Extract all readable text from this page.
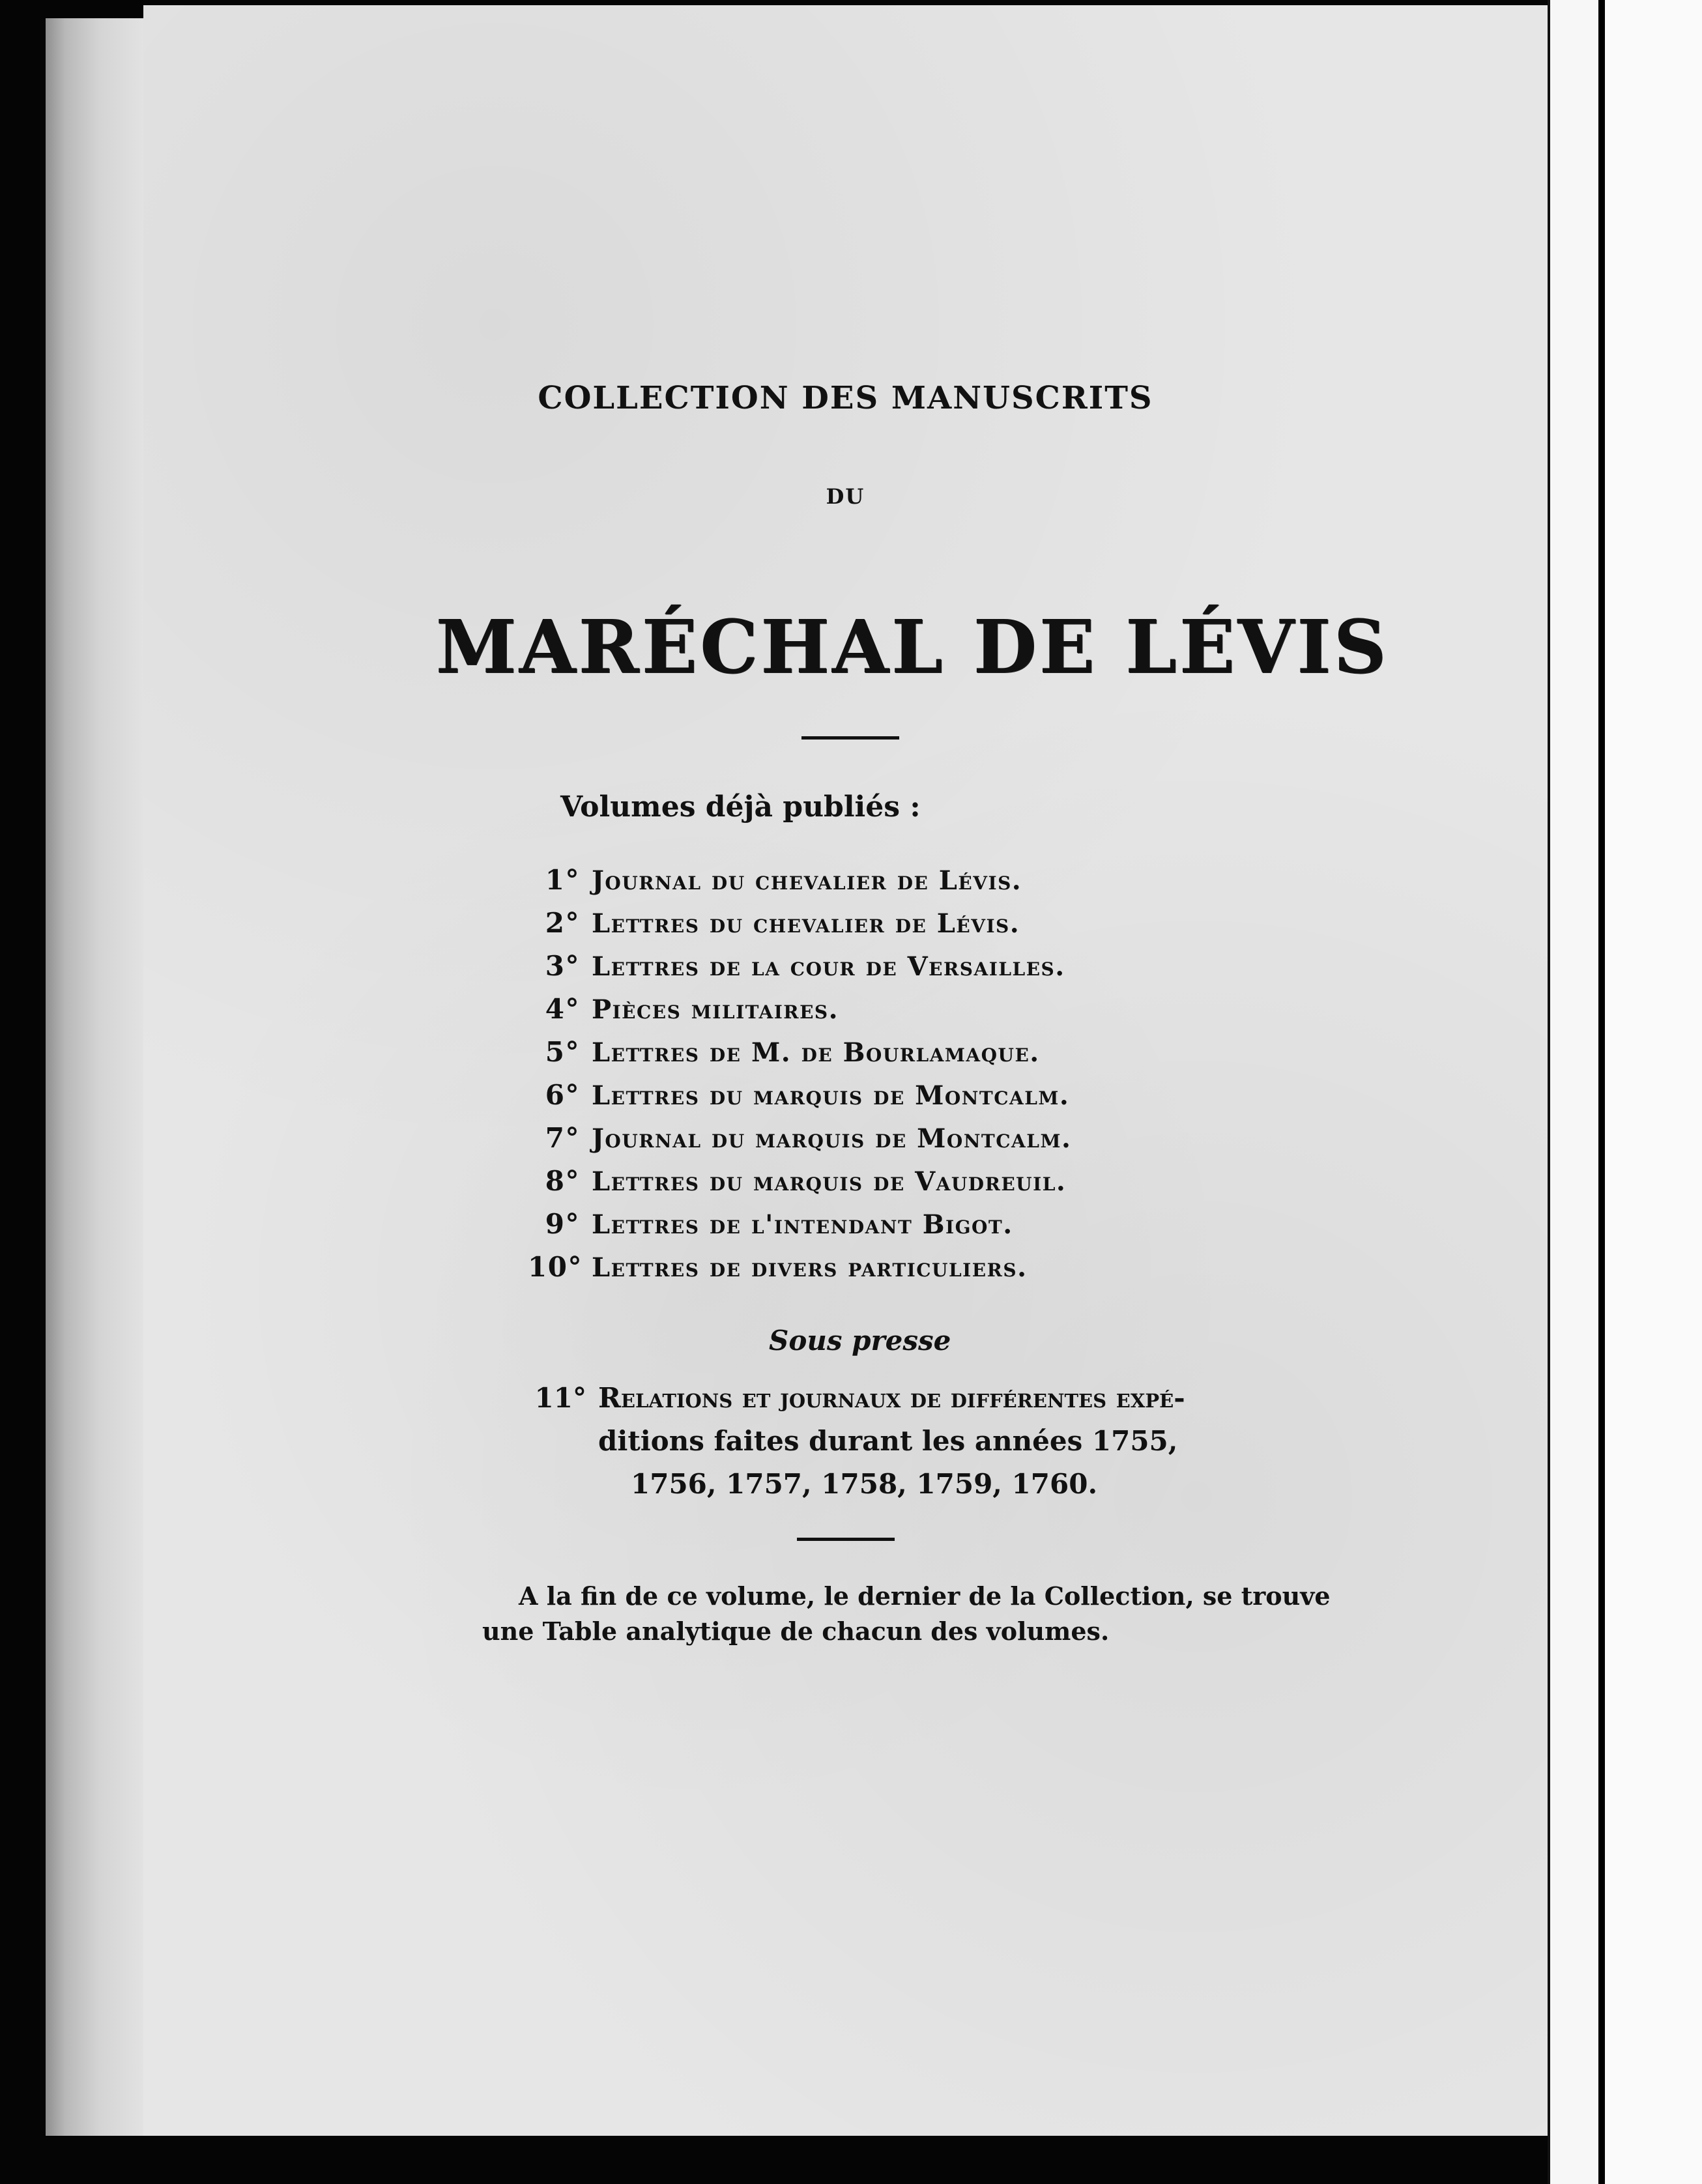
COLLECTION DES MANUSCRITS
DU
MARÉCHAL DE LÉVIS
Volumes déjà publiés :
1° Journal du chevalier de Lévis.
2° Lettres du chevalier de Lévis.
3° Lettres de la cour de Versailles.
4° Pièces militaires.
5° Lettres de M. de Bourlamaque.
6° Lettres du marquis de Montcalm.
7° Journal du marquis de Montcalm.
8° Lettres du marquis de Vaudreuil.
9° Lettres de l'intendant Bigot.
10° Lettres de divers particuliers.
Sous presse
11° Relations et journaux de différentes expé-
ditions faites durant les années 1755,
1756, 1757, 1758, 1759, 1760.
A la fin de ce volume, le dernier de la Collection, se trouve
une Table analytique de chacun des volumes.
